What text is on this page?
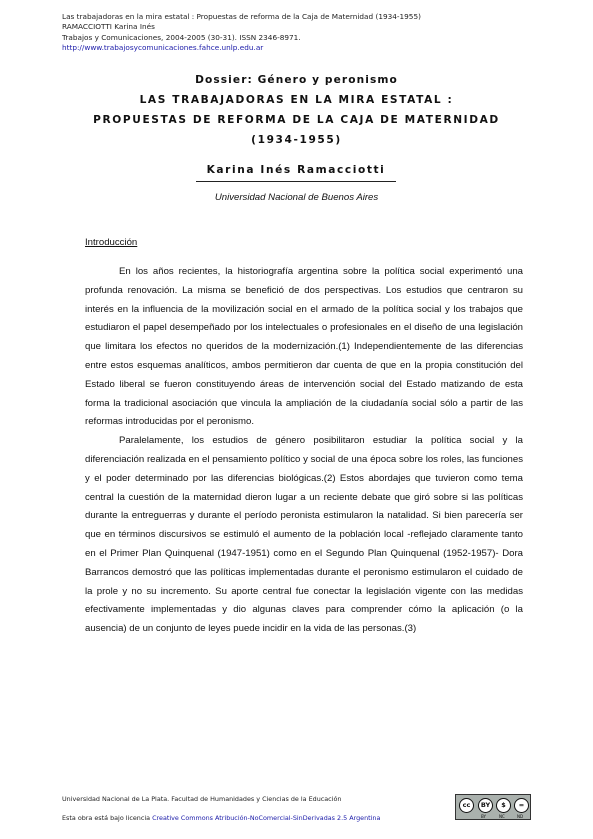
Las trabajadoras en la mira estatal : Propuestas de reforma de la Caja de Maternidad (1934-1955)
RAMACCIOTTI Karina Inés
Trabajos y Comunicaciones, 2004-2005 (30-31). ISSN 2346-8971.
http://www.trabajosycomunicaciones.fahce.unlp.edu.ar
Dossier: Género y peronismo
LAS TRABAJADORAS EN LA MIRA ESTATAL :
PROPUESTAS DE REFORMA DE LA CAJA DE MATERNIDAD
(1934-1955)
Karina Inés Ramacciotti
Universidad Nacional de Buenos Aires
Introducción

En los años recientes, la historiografía argentina sobre la política social experimentó una profunda renovación. La misma se benefició de dos perspectivas. Los estudios que centraron su interés en la influencia de la movilización social en el armado de la política social y los trabajos que estudiaron el papel desempeñado por los intelectuales o profesionales en el diseño de una legislación que limitara los efectos no queridos de la modernización.(1) Independientemente de las diferencias entre estos esquemas analíticos, ambos permitieron dar cuenta de que en la propia constitución del Estado liberal se fueron constituyendo áreas de intervención social del Estado matizando de esta forma la tradicional asociación que vincula la ampliación de la ciudadanía social sólo a partir de las reformas introducidas por el peronismo.

Paralelamente, los estudios de género posibilitaron estudiar la política social y la diferenciación realizada en el pensamiento político y social de una época sobre los roles, las funciones y el poder determinado por las diferencias biológicas.(2) Estos abordajes que tuvieron como tema central la cuestión de la maternidad dieron lugar a un reciente debate que giró sobre si las políticas durante la entreguerras y durante el período peronista estimularon la natalidad. Si bien parecería ser que en términos discursivos se estimuló el aumento de la población local -reflejado claramente tanto en el Primer Plan Quinquenal (1947-1951) como en el Segundo Plan Quinquenal (1952-1957)- Dora Barrancos demostró que las políticas implementadas durante el peronismo estimularon el cuidado de la prole y no su incremento. Su aporte central fue conectar la legislación vigente con las medidas efectivamente implementadas y dio algunas claves para comprender cómo la aplicación (o la ausencia) de un conjunto de leyes puede incidir en la vida de las personas.(3)

Universidad Nacional de La Plata. Facultad de Humanidades y Ciencias de la Educación
Esta obra está bajo licencia Creative Commons Atribución-NoComercial-SinDerivadas 2.5 Argentina
cc	BY	$	=
BY	NC	ND
